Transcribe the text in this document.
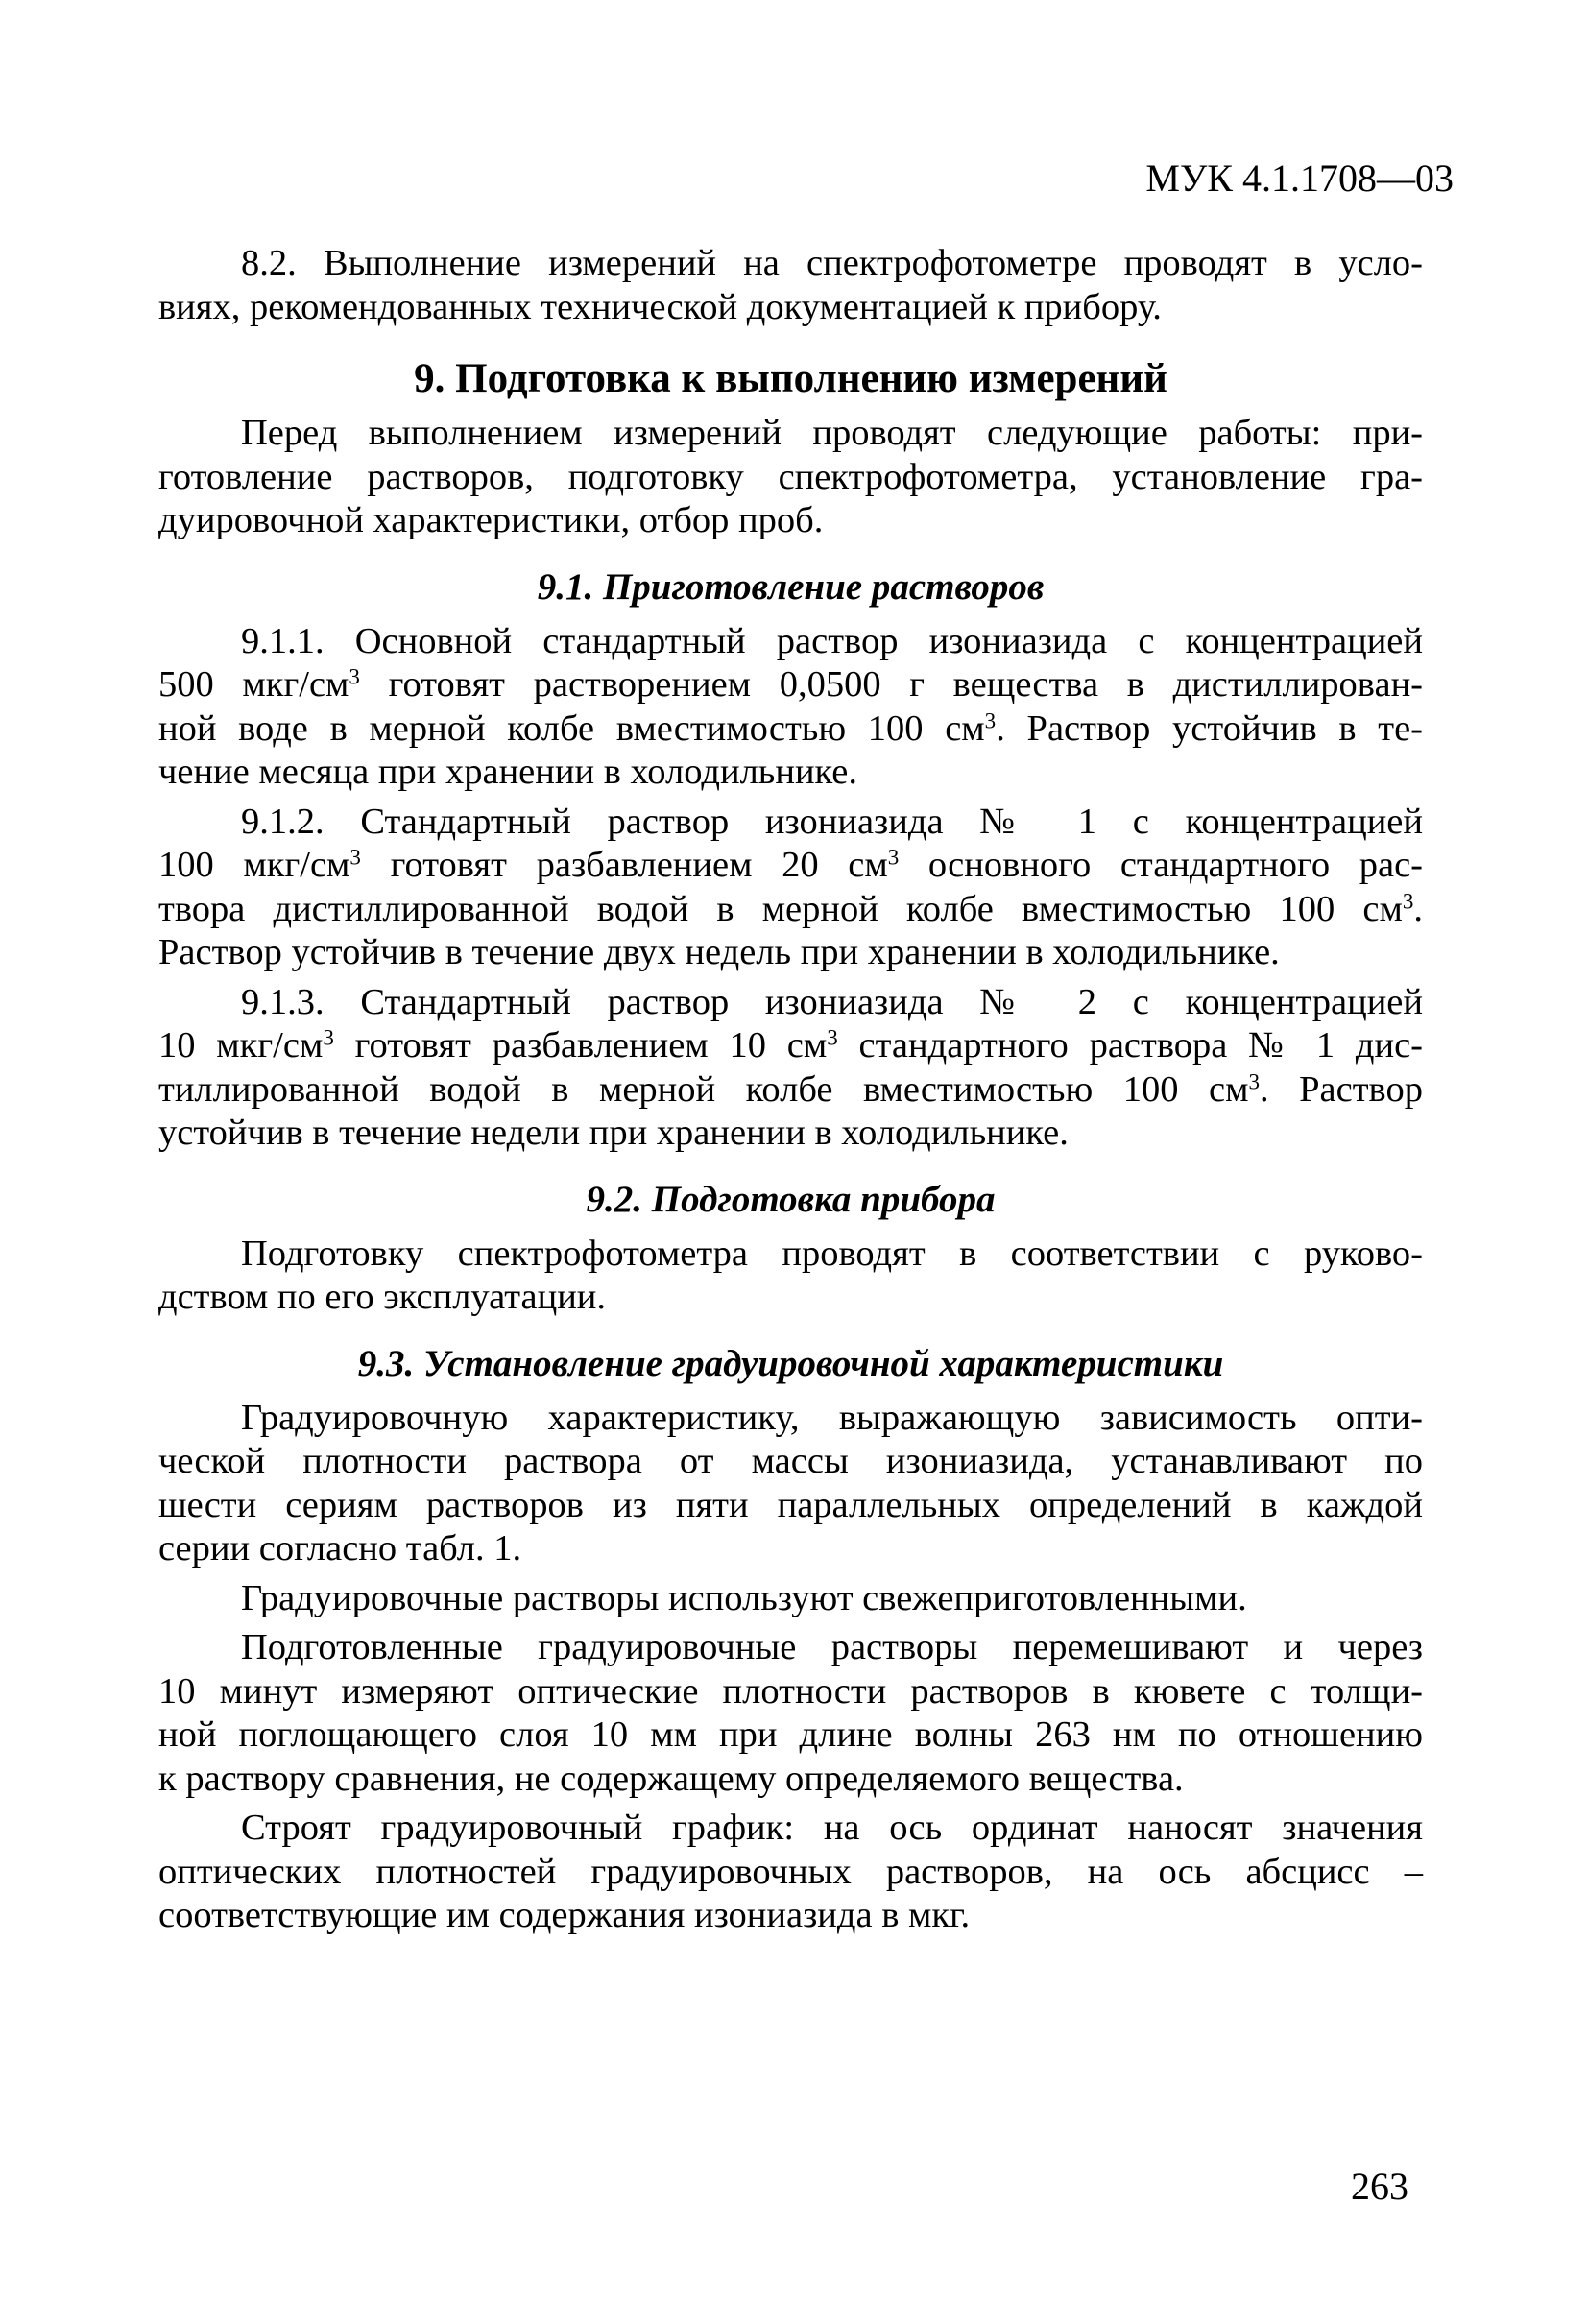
МУК 4.1.1708—03
8.2. Выполнение измерений на спектрофотометре проводят в усло-
виях, рекомендованных технической документацией к прибору.
9. Подготовка к выполнению измерений
Перед выполнением измерений проводят следующие работы: при-
готовление растворов, подготовку спектрофотометра, установление гра-
дуировочной характеристики, отбор проб.
9.1. Приготовление растворов
9.1.1. Основной стандартный раствор изониазида с концентрацией
500 мкг/$см^3$ готовят растворением 0,0500 г вещества в дистиллирован-
ной воде в мерной колбе вместимостью 100 $см^3$. Раствор устойчив в те-
чение месяца при хранении в холодильнике.
9.1.2. Стандартный раствор изониазида № 1 с концентрацией
100 мкг/$см^3$ готовят разбавлением 20 $см^3$ основного стандартного рас-
твора дистиллированной водой в мерной колбе вместимостью 100 $см^3$.
Раствор устойчив в течение двух недель при хранении в холодильнике.
9.1.3. Стандартный раствор изониазида № 2 с концентрацией
10 мкг/$см^3$ готовят разбавлением 10 $см^3$ стандартного раствора № 1 дис-
тиллированной водой в мерной колбе вместимостью 100 $см^3$. Раствор
устойчив в течение недели при хранении в холодильнике.
9.2. Подготовка прибора
Подготовку спектрофотометра проводят в соответствии с руково-
дством по его эксплуатации.
9.3. Установление градуировочной характеристики
Градуировочную характеристику, выражающую зависимость опти-
ческой плотности раствора от массы изониазида, устанавливают по
шести сериям растворов из пяти параллельных определений в каждой
серии согласно табл. 1.
Градуировочные растворы используют свежеприготовленными.
Подготовленные градуировочные растворы перемешивают и через
10 минут измеряют оптические плотности растворов в кювете с толщи-
ной поглощающего слоя 10 мм при длине волны 263 нм по отношению
к раствору сравнения, не содержащему определяемого вещества.
Строят градуировочный график: на ось ординат наносят значения
оптических плотностей градуировочных растворов, на ось абсцисс –
соответствующие им содержания изониазида в мкг.
263
